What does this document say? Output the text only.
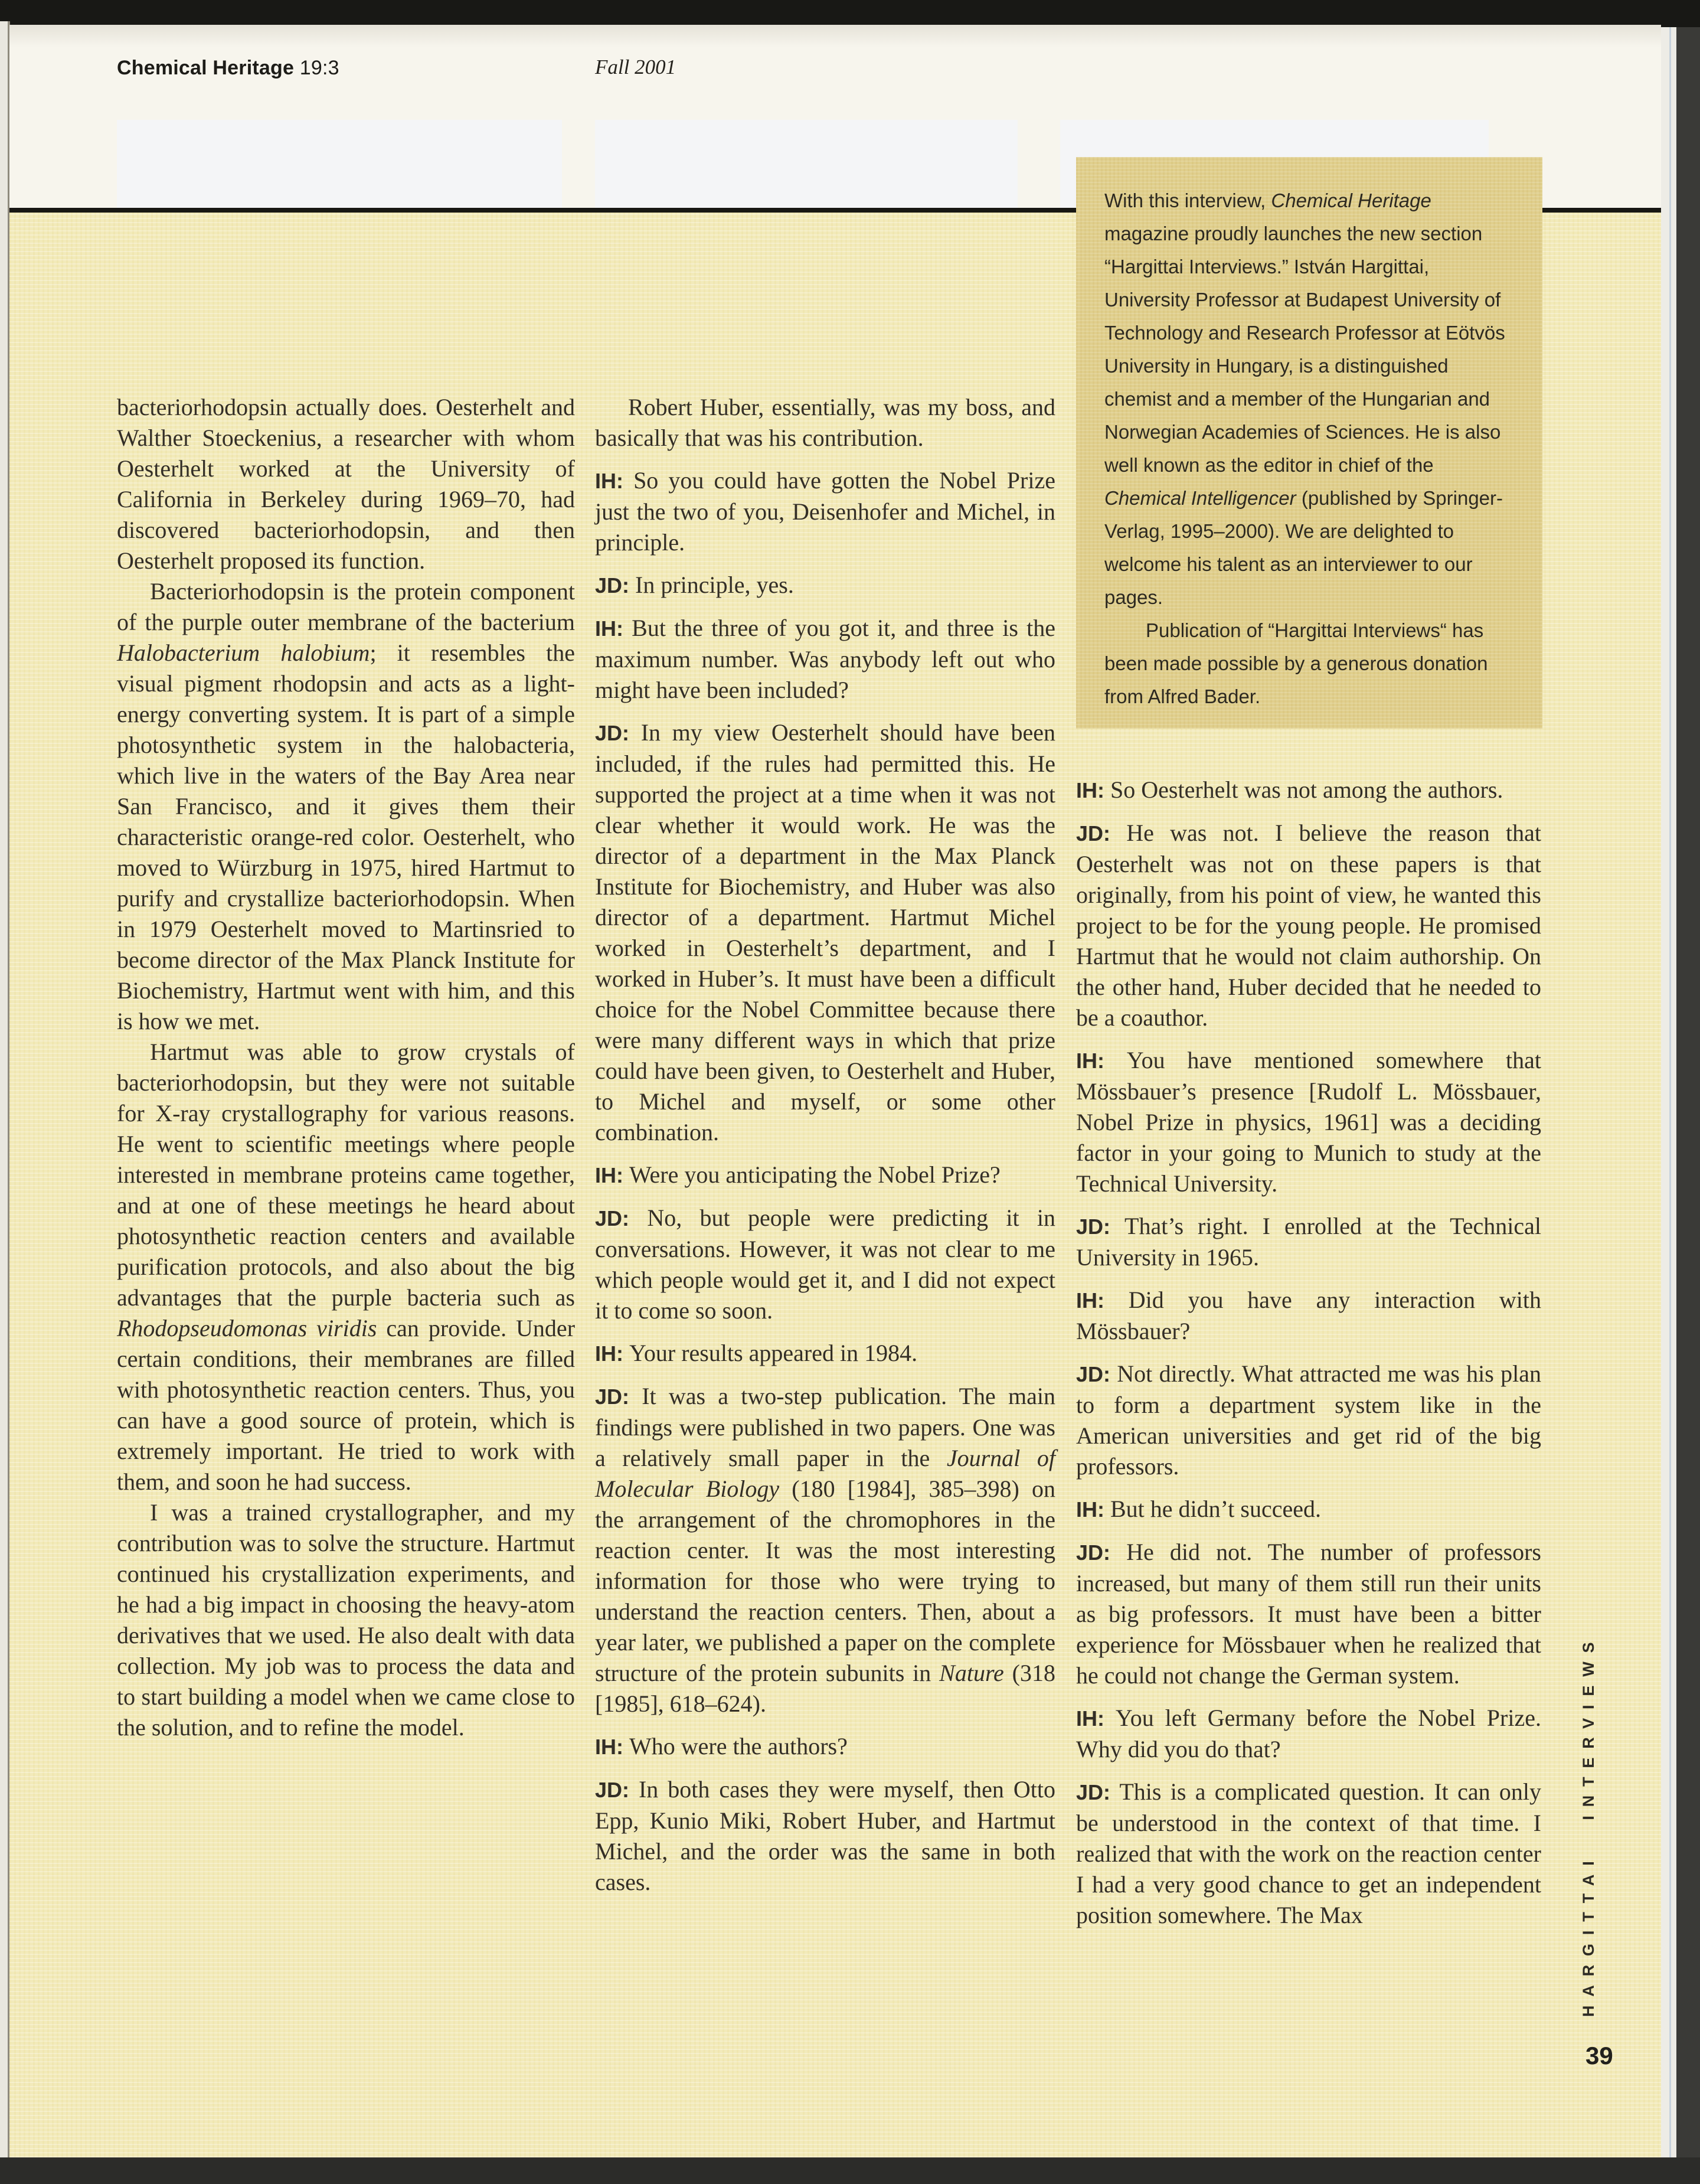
Chemical Heritage 19:3	Fall 2001

With this interview, Chemical Heritage magazine proudly launches the new section “Hargittai Interviews.” István Hargittai, University Professor at Budapest University of Technology and Research Professor at Eötvös University in Hungary, is a distinguished chemist and a member of the Hungarian and Norwegian Academies of Sciences. He is also well known as the editor in chief of the Chemical Intelligencer (published by Springer-Verlag, 1995–2000). We are delighted to welcome his talent as an interviewer to our pages.

Publication of “Hargittai Interviews“ has been made possible by a generous donation from Alfred Bader.

bacteriorhodopsin actually does. Oesterhelt and Walther Stoeckenius, a researcher with whom Oesterhelt worked at the University of California in Berkeley during 1969–70, had discovered bacteriorhodopsin, and then Oesterhelt proposed its function.

Bacteriorhodopsin is the protein component of the purple outer membrane of the bacterium Halobacterium halobium; it resembles the visual pigment rhodopsin and acts as a light-energy converting system. It is part of a simple photosynthetic system in the halobacteria, which live in the waters of the Bay Area near San Francisco, and it gives them their characteristic orange-red color. Oesterhelt, who moved to Würzburg in 1975, hired Hartmut to purify and crystallize bacteriorhodopsin. When in 1979 Oesterhelt moved to Martinsried to become director of the Max Planck Institute for Biochemistry, Hartmut went with him, and this is how we met.

Hartmut was able to grow crystals of bacteriorhodopsin, but they were not suitable for X-ray crystallography for various reasons. He went to scientific meetings where people interested in membrane proteins came together, and at one of these meetings he heard about photosynthetic reaction centers and available purification protocols, and also about the big advantages that the purple bacteria such as Rhodopseudomonas viridis can provide. Under certain conditions, their membranes are filled with photosynthetic reaction centers. Thus, you can have a good source of protein, which is extremely important. He tried to work with them, and soon he had success.

I was a trained crystallographer, and my contribution was to solve the structure. Hartmut continued his crystallization experiments, and he had a big impact in choosing the heavy-atom derivatives that we used. He also dealt with data collection. My job was to process the data and to start building a model when we came close to the solution, and to refine the model.

Robert Huber, essentially, was my boss, and basically that was his contribution.

IH: So you could have gotten the Nobel Prize just the two of you, Deisenhofer and Michel, in principle.

JD: In principle, yes.

IH: But the three of you got it, and three is the maximum number. Was anybody left out who might have been included?

JD: In my view Oesterhelt should have been included, if the rules had permitted this. He supported the project at a time when it was not clear whether it would work. He was the director of a department in the Max Planck Institute for Biochemistry, and Huber was also director of a department. Hartmut Michel worked in Oesterhelt’s department, and I worked in Huber’s. It must have been a difficult choice for the Nobel Committee because there were many different ways in which that prize could have been given, to Oesterhelt and Huber, to Michel and myself, or some other combination.

IH: Were you anticipating the Nobel Prize?

JD: No, but people were predicting it in conversations. However, it was not clear to me which people would get it, and I did not expect it to come so soon.

IH: Your results appeared in 1984.

JD: It was a two-step publication. The main findings were published in two papers. One was a relatively small paper in the Journal of Molecular Biology (180 [1984], 385–398) on the arrangement of the chromophores in the reaction center. It was the most interesting information for those who were trying to understand the reaction centers. Then, about a year later, we published a paper on the complete structure of the protein subunits in Nature (318 [1985], 618–624).

IH: Who were the authors?

JD: In both cases they were myself, then Otto Epp, Kunio Miki, Robert Huber, and Hartmut Michel, and the order was the same in both cases.

IH: So Oesterhelt was not among the authors.

JD: He was not. I believe the reason that Oesterhelt was not on these papers is that originally, from his point of view, he wanted this project to be for the young people. He promised Hartmut that he would not claim authorship. On the other hand, Huber decided that he needed to be a coauthor.

IH: You have mentioned somewhere that Mössbauer’s presence [Rudolf L. Mössbauer, Nobel Prize in physics, 1961] was a deciding factor in your going to Munich to study at the Technical University.

JD: That’s right. I enrolled at the Technical University in 1965.

IH: Did you have any interaction with Mössbauer?

JD: Not directly. What attracted me was his plan to form a department system like in the American universities and get rid of the big professors.

IH: But he didn’t succeed.

JD: He did not. The number of professors increased, but many of them still run their units as big professors. It must have been a bitter experience for Mössbauer when he realized that he could not change the German system.

IH: You left Germany before the Nobel Prize. Why did you do that?

JD: This is a complicated question. It can only be understood in the context of that time. I realized that with the work on the reaction center I had a very good chance to get an independent position somewhere. The Max	HARGITTAI INTERVIEWS
39
